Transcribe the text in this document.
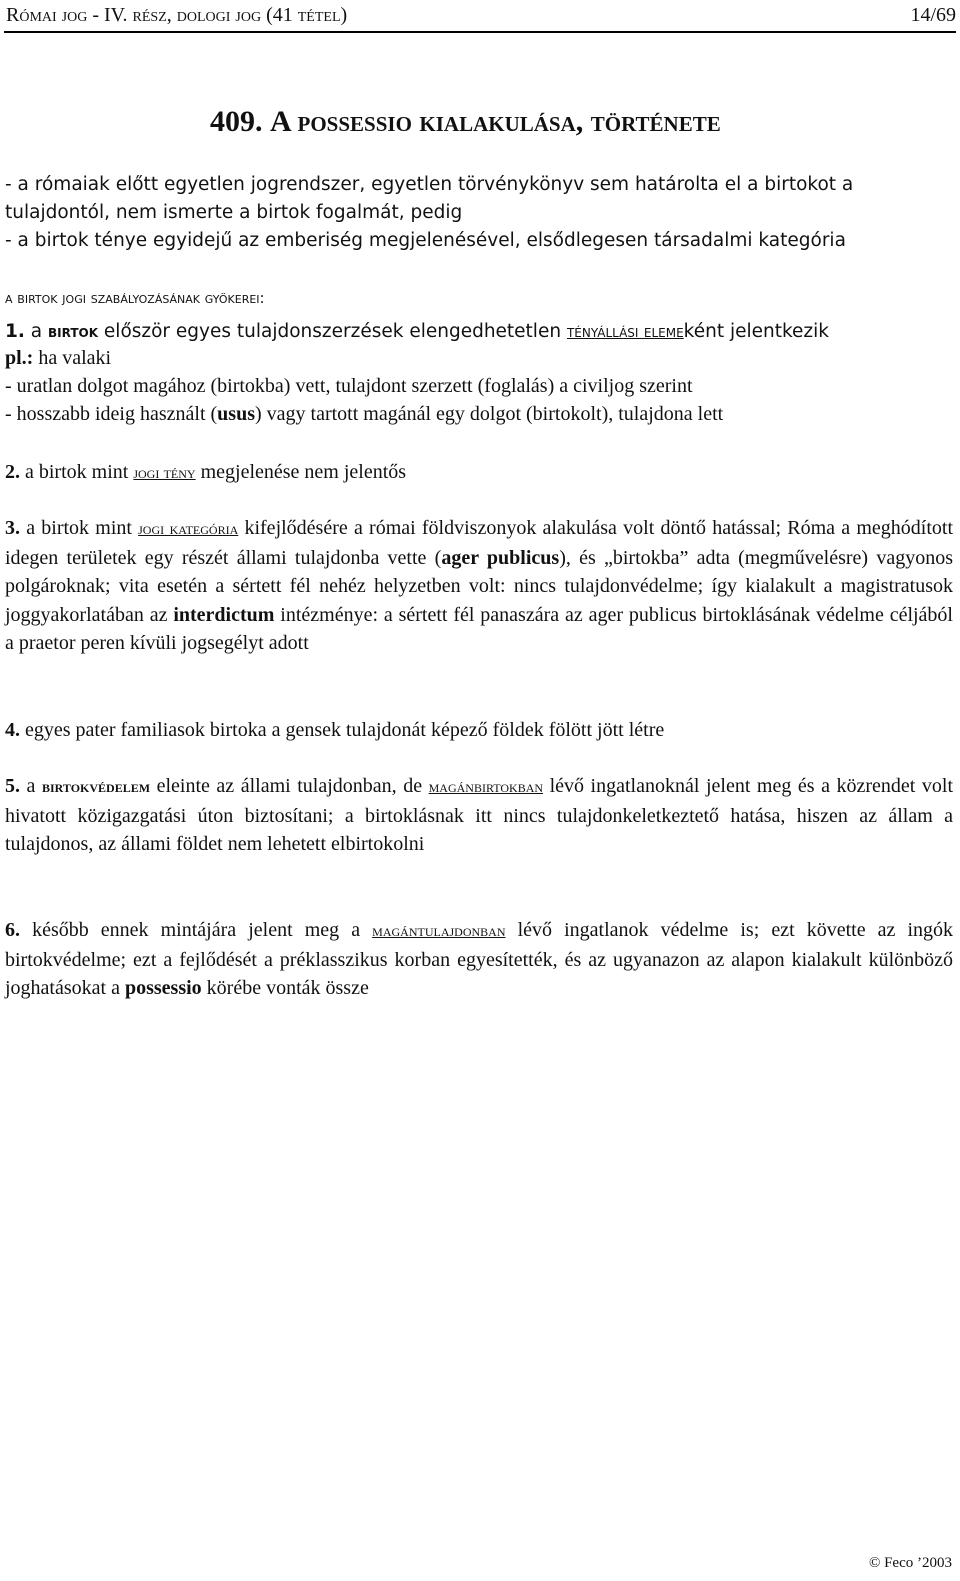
Római jog - IV. rész, dologi jog (41 tétel)	14/69
409. A possessio kialakulása, története
- a rómaiak előtt egyetlen jogrendszer, egyetlen törvénykönyv sem határolta el a birtokot a
tulajdontól, nem ismerte a birtok fogalmát, pedig
- a birtok ténye egyidejű az emberiség megjelenésével, elsődlegesen társadalmi kategória
a birtok jogi szabályozásának gyökerei:
1. a birtok először egyes tulajdonszerzések elengedhetetlen tényállási elemeként jelentkezik
pl.: ha valaki
- uratlan dolgot magához (birtokba) vett, tulajdont szerzett (foglalás) a civiljog szerint
- hosszabb ideig használt (usus) vagy tartott magánál egy dolgot (birtokolt), tulajdona lett
2. a birtok mint jogi tény megjelenése nem jelentős
3. a birtok mint jogi kategória kifejlődésére a római földviszonyok alakulása volt döntő hatással; Róma a meghódított idegen területek egy részét állami tulajdonba vette (ager publicus), és „birtokba” adta (megművelésre) vagyonos polgároknak; vita esetén a sértett fél nehéz helyzetben volt: nincs tulajdonvédelme; így kialakult a magistratusok joggyakorlatában az interdictum intézménye: a sértett fél panaszára az ager publicus birtoklásának védelme céljából a praetor peren kívüli jogsegélyt adott
4. egyes pater familiasok birtoka a gensek tulajdonát képező földek fölött jött létre
5. a birtokvédelem eleinte az állami tulajdonban, de magánbirtokban lévő ingatlanoknál jelent meg és a közrendet volt hivatott közigazgatási úton biztosítani; a birtoklásnak itt nincs tulajdonkeletkeztető hatása, hiszen az állam a tulajdonos, az állami földet nem lehetett elbirtokolni
6. később ennek mintájára jelent meg a magántulajdonban lévő ingatlanok védelme is; ezt követte az ingók birtokvédelme; ezt a fejlődését a préklasszikus korban egyesítették, és az ugyanazon az alapon kialakult különböző joghatásokat a possessio körébe vonták össze
© Feco ’2003
